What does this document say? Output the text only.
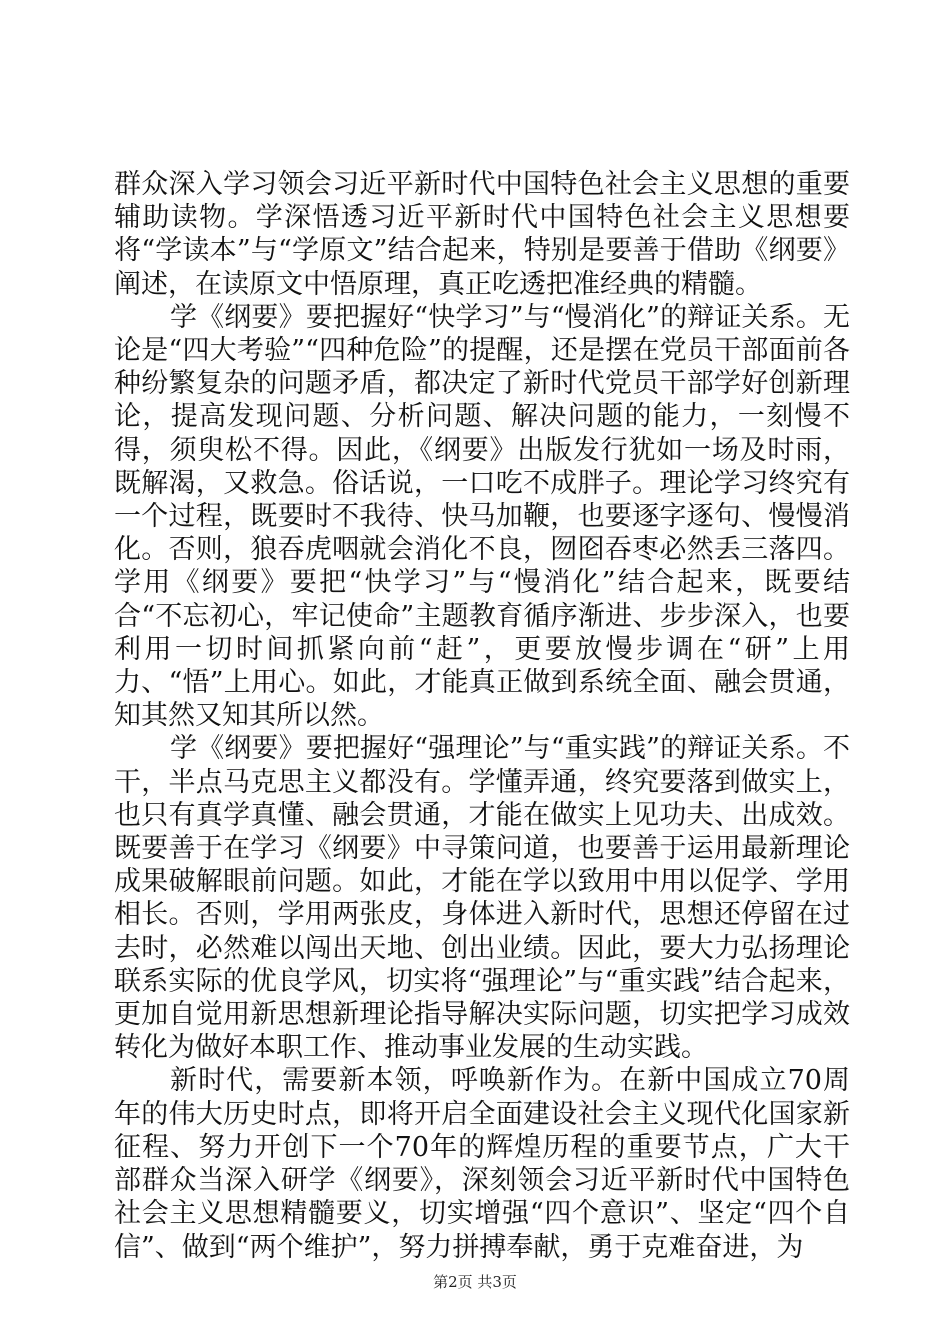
群众深入学习领会习近平新时代中国特色社会主义思想的重要辅助读物。学深悟透习近平新时代中国特色社会主义思想要将“学读本”与“学原文”结合起来，特别是要善于借助《纲要》阐述，在读原文中悟原理，真正吃透把准经典的精髓。

学《纲要》要把握好“快学习”与“慢消化”的辩证关系。无论是“四大考验”“四种危险”的提醒，还是摆在党员干部面前各种纷繁复杂的问题矛盾，都决定了新时代党员干部学好创新理论，提高发现问题、分析问题、解决问题的能力，一刻慢不得，须臾松不得。因此，《纲要》出版发行犹如一场及时雨，既解渴，又救急。俗话说，一口吃不成胖子。理论学习终究有一个过程，既要时不我待、快马加鞭，也要逐字逐句、慢慢消化。否则，狼吞虎咽就会消化不良，囫囵吞枣必然丢三落四。学用《纲要》要把“快学习”与“慢消化”结合起来，既要结合“不忘初心，牢记使命”主题教育循序渐进、步步深入，也要利用一切时间抓紧向前“赶”，更要放慢步调在“研”上用力、“悟”上用心。如此，才能真正做到系统全面、融会贯通，知其然又知其所以然。

学《纲要》要把握好“强理论”与“重实践”的辩证关系。不干，半点马克思主义都没有。学懂弄通，终究要落到做实上，也只有真学真懂、融会贯通，才能在做实上见功夫、出成效。既要善于在学习《纲要》中寻策问道，也要善于运用最新理论成果破解眼前问题。如此，才能在学以致用中用以促学、学用相长。否则，学用两张皮，身体进入新时代，思想还停留在过去时，必然难以闯出天地、创出业绩。因此，要大力弘扬理论联系实际的优良学风，切实将“强理论”与“重实践”结合起来，更加自觉用新思想新理论指导解决实际问题，切实把学习成效转化为做好本职工作、推动事业发展的生动实践。

新时代，需要新本领，呼唤新作为。在新中国成立70周年的伟大历史时点，即将开启全面建设社会主义现代化国家新征程、努力开创下一个70年的辉煌历程的重要节点，广大干部群众当深入研学《纲要》，深刻领会习近平新时代中国特色社会主义思想精髓要义，切实增强“四个意识”、坚定“四个自信”、做到“两个维护”，努力拼搏奉献，勇于克难奋进，为

第2页 共3页
